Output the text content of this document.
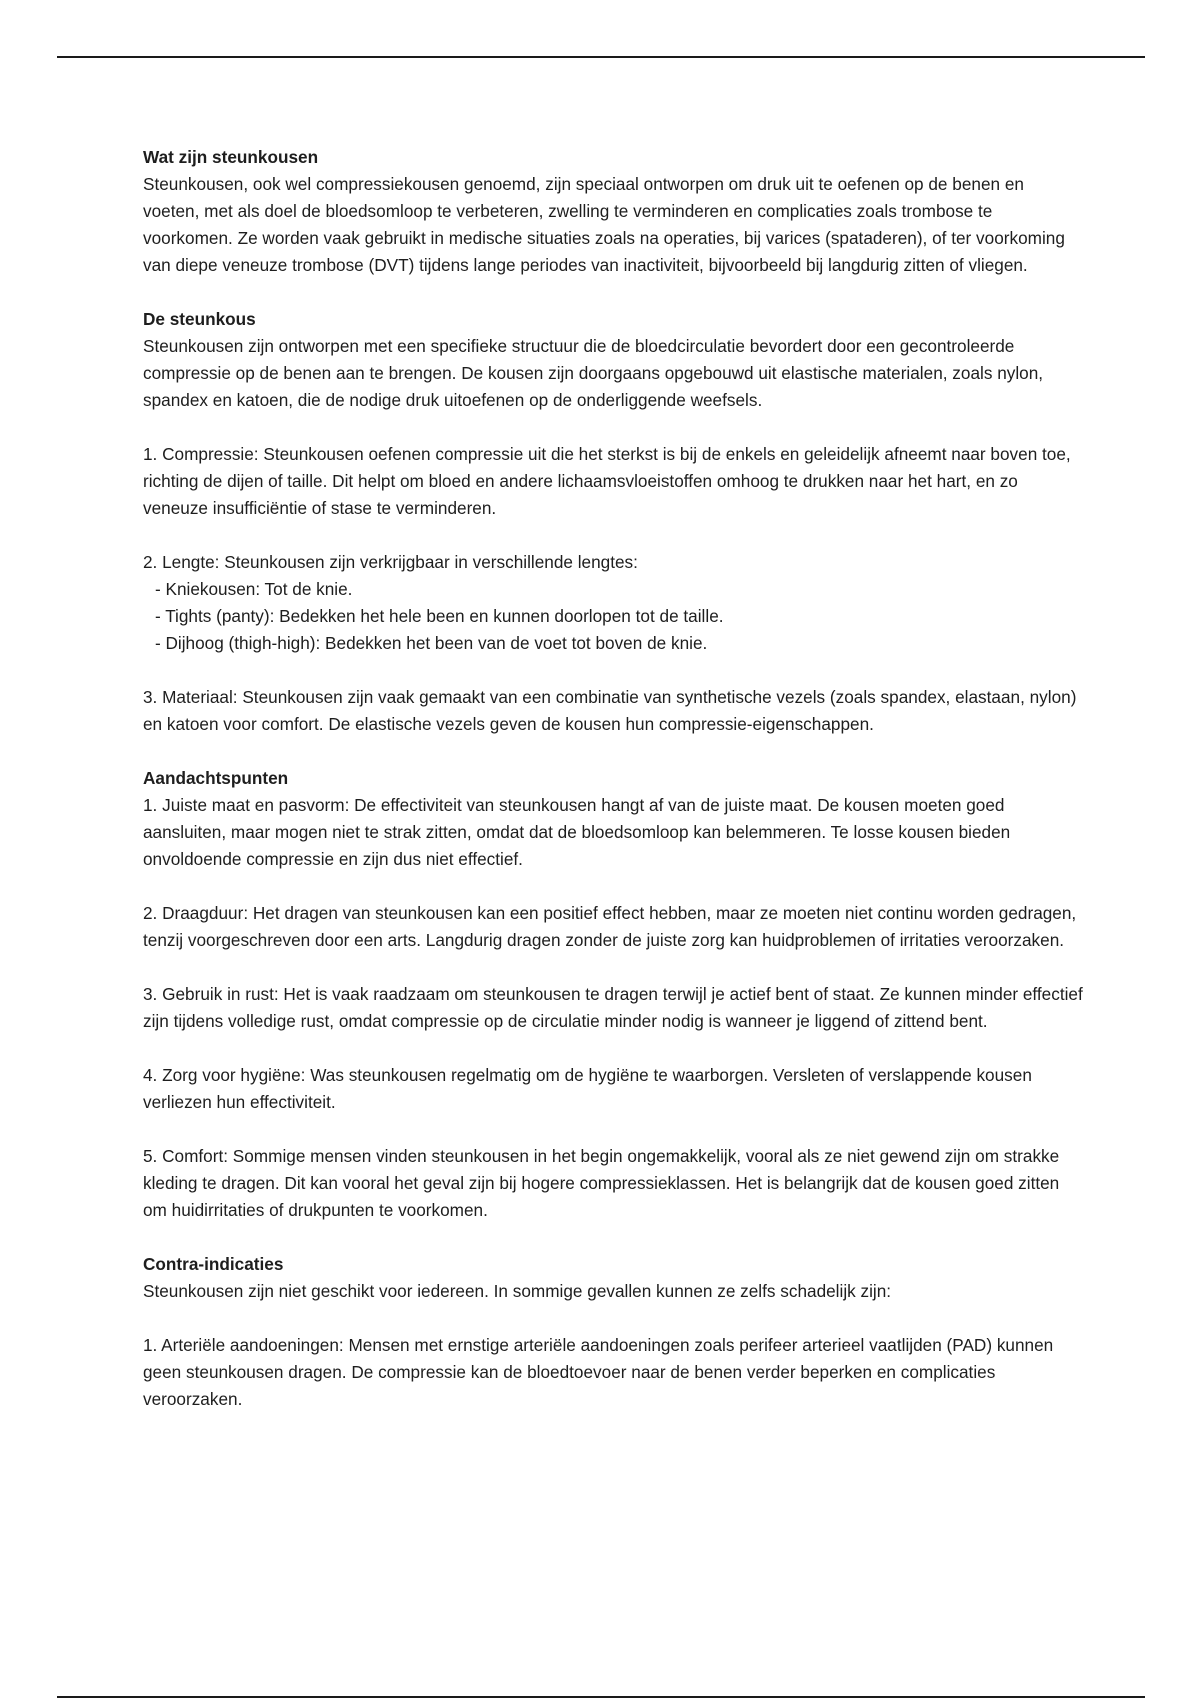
Wat zijn steunkousen

Steunkousen, ook wel compressiekousen genoemd, zijn speciaal ontworpen om druk uit te oefenen op de benen en voeten, met als doel de bloedsomloop te verbeteren, zwelling te verminderen en complicaties zoals trombose te voorkomen. Ze worden vaak gebruikt in medische situaties zoals na operaties, bij varices (spataderen), of ter voorkoming van diepe veneuze trombose (DVT) tijdens lange periodes van inactiviteit, bijvoorbeeld bij langdurig zitten of vliegen.

De steunkous

Steunkousen zijn ontworpen met een specifieke structuur die de bloedcirculatie bevordert door een gecontroleerde compressie op de benen aan te brengen. De kousen zijn doorgaans opgebouwd uit elastische materialen, zoals nylon, spandex en katoen, die de nodige druk uitoefenen op de onderliggende weefsels.

1. Compressie: Steunkousen oefenen compressie uit die het sterkst is bij de enkels en geleidelijk afneemt naar boven toe, richting de dijen of taille. Dit helpt om bloed en andere lichaamsvloeistoffen omhoog te drukken naar het hart, en zo veneuze insufficiëntie of stase te verminderen.

2. Lengte: Steunkousen zijn verkrijgbaar in verschillende lengtes:

- Kniekousen: Tot de knie.

- Tights (panty): Bedekken het hele been en kunnen doorlopen tot de taille.

- Dijhoog (thigh-high): Bedekken het been van de voet tot boven de knie.

3. Materiaal: Steunkousen zijn vaak gemaakt van een combinatie van synthetische vezels (zoals spandex, elastaan, nylon) en katoen voor comfort. De elastische vezels geven de kousen hun compressie-eigenschappen.

Aandachtspunten

1. Juiste maat en pasvorm: De effectiviteit van steunkousen hangt af van de juiste maat. De kousen moeten goed aansluiten, maar mogen niet te strak zitten, omdat dat de bloedsomloop kan belemmeren. Te losse kousen bieden onvoldoende compressie en zijn dus niet effectief.

2. Draagduur: Het dragen van steunkousen kan een positief effect hebben, maar ze moeten niet continu worden gedragen, tenzij voorgeschreven door een arts. Langdurig dragen zonder de juiste zorg kan huidproblemen of irritaties veroorzaken.

3. Gebruik in rust: Het is vaak raadzaam om steunkousen te dragen terwijl je actief bent of staat. Ze kunnen minder effectief zijn tijdens volledige rust, omdat compressie op de circulatie minder nodig is wanneer je liggend of zittend bent.

4. Zorg voor hygiëne: Was steunkousen regelmatig om de hygiëne te waarborgen. Versleten of verslappende kousen verliezen hun effectiviteit.

5. Comfort: Sommige mensen vinden steunkousen in het begin ongemakkelijk, vooral als ze niet gewend zijn om strakke kleding te dragen. Dit kan vooral het geval zijn bij hogere compressieklassen. Het is belangrijk dat de kousen goed zitten om huidirritaties of drukpunten te voorkomen.

Contra-indicaties

Steunkousen zijn niet geschikt voor iedereen. In sommige gevallen kunnen ze zelfs schadelijk zijn:

1. Arteriële aandoeningen: Mensen met ernstige arteriële aandoeningen zoals perifeer arterieel vaatlijden (PAD) kunnen geen steunkousen dragen. De compressie kan de bloedtoevoer naar de benen verder beperken en complicaties veroorzaken.
